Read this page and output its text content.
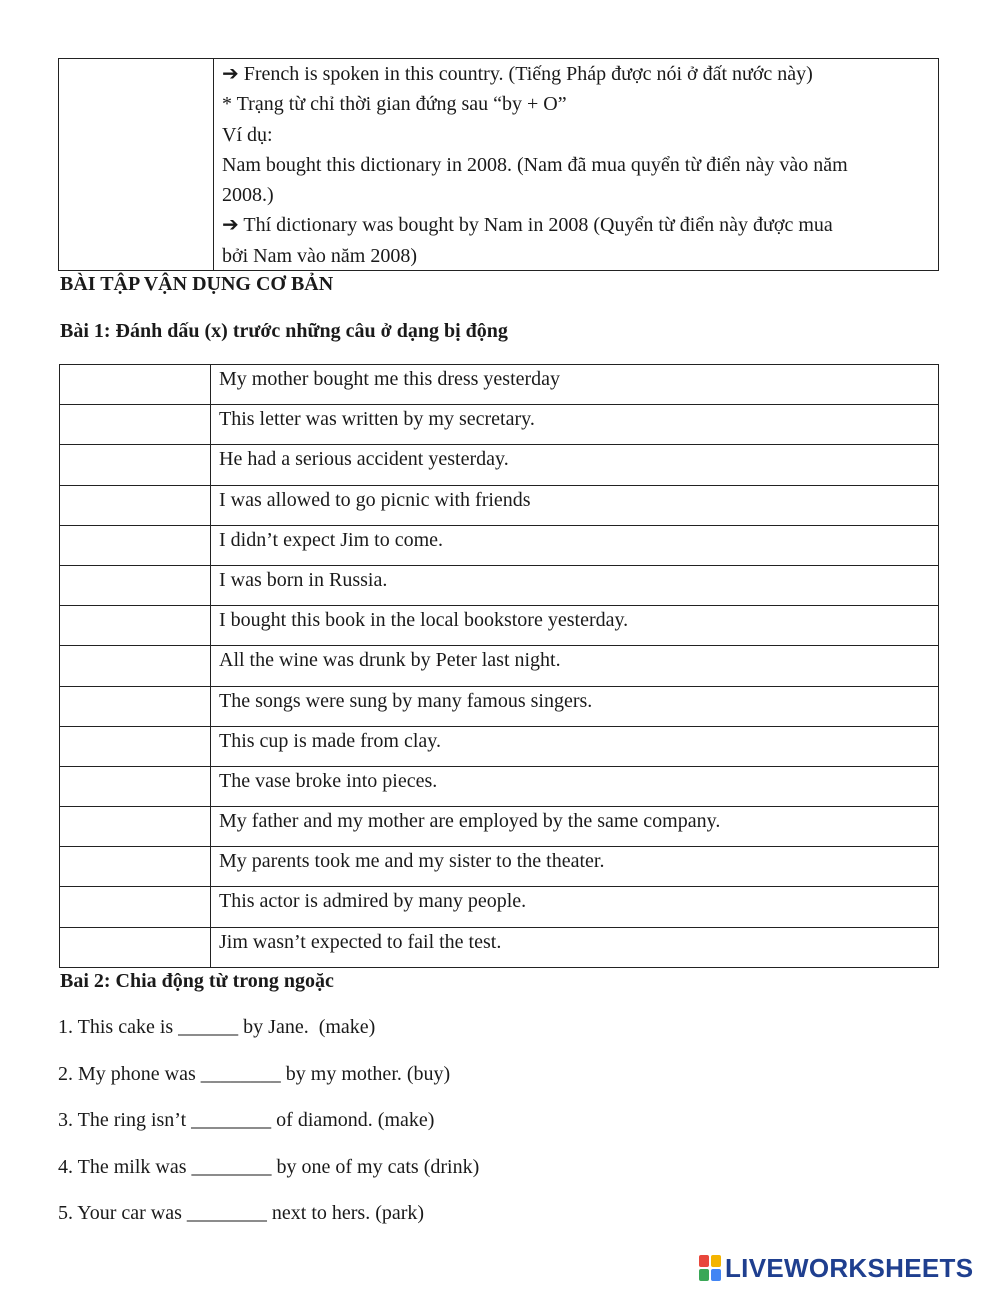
➔ French is spoken in this country. (Tiếng Pháp được nói ở đất nước này)
* Trạng từ chỉ thời gian đứng sau “by + O”
Ví dụ:
Nam bought this dictionary in 2008. (Nam đã mua quyển từ điển này vào năm
2008.)
➔ Thí dictionary was bought by Nam in 2008 (Quyển từ điển này được mua
bởi Nam vào năm 2008)
BÀI TẬP VẬN DỤNG CƠ BẢN
Bài 1: Đánh dấu (x) trước những câu ở dạng bị động
	My mother bought me this dress yesterday
	This letter was written by my secretary.
	He had a serious accident yesterday.
	I was allowed to go picnic with friends
	I didn’t expect Jim to come.
	I was born in Russia.
	I bought this book in the local bookstore yesterday.
	All the wine was drunk by Peter last night.
	The songs were sung by many famous singers.
	This cup is made from clay.
	The vase broke into pieces.
	My father and my mother are employed by the same company.
	My parents took me and my sister to the theater.
	This actor is admired by many people.
	Jim wasn’t expected to fail the test.
Bai 2: Chia động từ trong ngoặc
1. This cake is ______ by Jane.  (make)
2. My phone was ________ by my mother. (buy)
3. The ring isn’t ________ of diamond. (make)
4. The milk was ________ by one of my cats (drink)
5. Your car was ________ next to hers. (park)
LIVEWORKSHEETS
